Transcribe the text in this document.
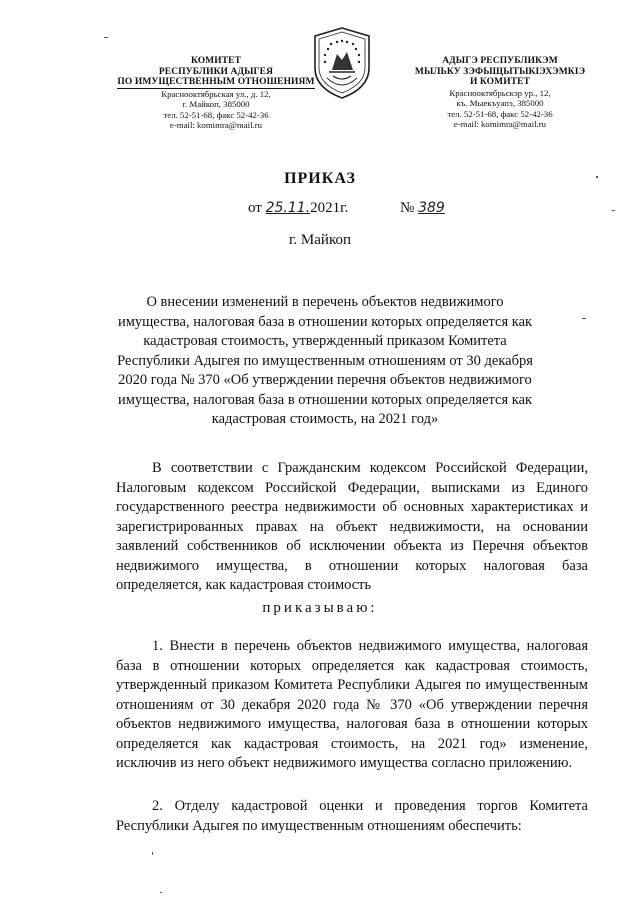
КОМИТЕТ
РЕСПУБЛИКИ АДЫГЕЯ
ПО ИМУЩЕСТВЕННЫМ ОТНОШЕНИЯМ
Краснооктябрьская ул., д. 12,
г. Майкоп, 385000
тел. 52-51-68, факс 52-42-36
e-mail: komimra@mail.ru
АДЫГЭ РЕСПУБЛИКЭМ
МЫЛЬКУ ЗЭФЫЩЫТЫКІЭХЭМКІЭ
И КОМИТЕТ
Краснооктябрьскэр ур., 12,
къ. Мыекъуапэ, 385000
тел. 52-51-68, факс 52-42-36
e-mail: komimra@mail.ru
ПРИКАЗ
от 25.11.2021г.	№ 389
г. Майкоп
О внесении изменений в перечень объектов недвижимого имущества, налоговая база в отношении которых определяется как кадастровая стоимость, утвержденный приказом Комитета Республики Адыгея по имущественным отношениям от 30 декабря 2020 года № 370 «Об утверждении перечня объектов недвижимого имущества, налоговая база в отношении которых определяется как кадастровая стоимость, на 2021 год»
В соответствии с Гражданским кодексом Российской Федерации, Налоговым кодексом Российской Федерации, выписками из Единого государственного реестра недвижимости об основных характеристиках и зарегистрированных правах на объект недвижимости, на основании заявлений собственников об исключении объекта из Перечня объектов недвижимого имущества, в отношении которых налоговая база определяется, как кадастровая стоимость
приказываю:
1. Внести в перечень объектов недвижимого имущества, налоговая база в отношении которых определяется как кадастровая стоимость, утвержденный приказом Комитета Республики Адыгея по имущественным отношениям от 30 декабря 2020 года № 370 «Об утверждении перечня объектов недвижимого имущества, налоговая база в отношении которых определяется как кадастровая стоимость, на 2021 год» изменение, исключив из него объект недвижимого имущества согласно приложению.
2. Отделу кадастровой оценки и проведения торгов Комитета Республики Адыгея по имущественным отношениям обеспечить:
